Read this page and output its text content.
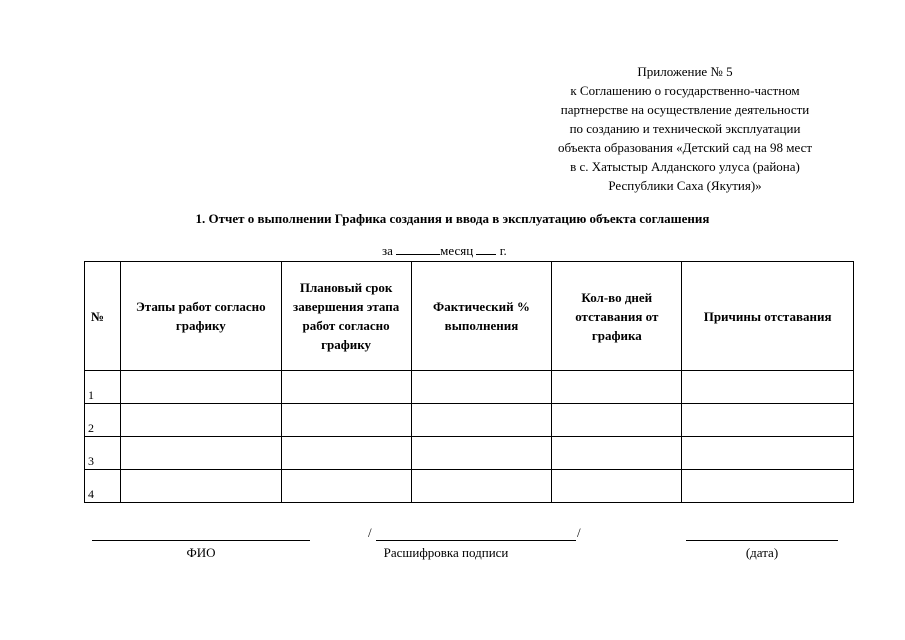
Приложение № 5
к Соглашению о государственно-частном
партнерстве на осуществление деятельности
по созданию и технической эксплуатации
объекта образования «Детский сад на 98 мест
в с. Хатыстыр Алданского улуса (района)
Республики Саха (Якутия)»
1. Отчет о выполнении Графика создания и ввода в эксплуатацию объекта соглашения
за	месяц г.
№	Этапы работ согласно графику	Плановый срок завершения этапа работ согласно графику	Фактический % выполнения	Кол-во дней отставания от графика	Причины отставания
1					
2					
3					
4					
ФИО
/	/
Расшифровка подписи	(дата)
